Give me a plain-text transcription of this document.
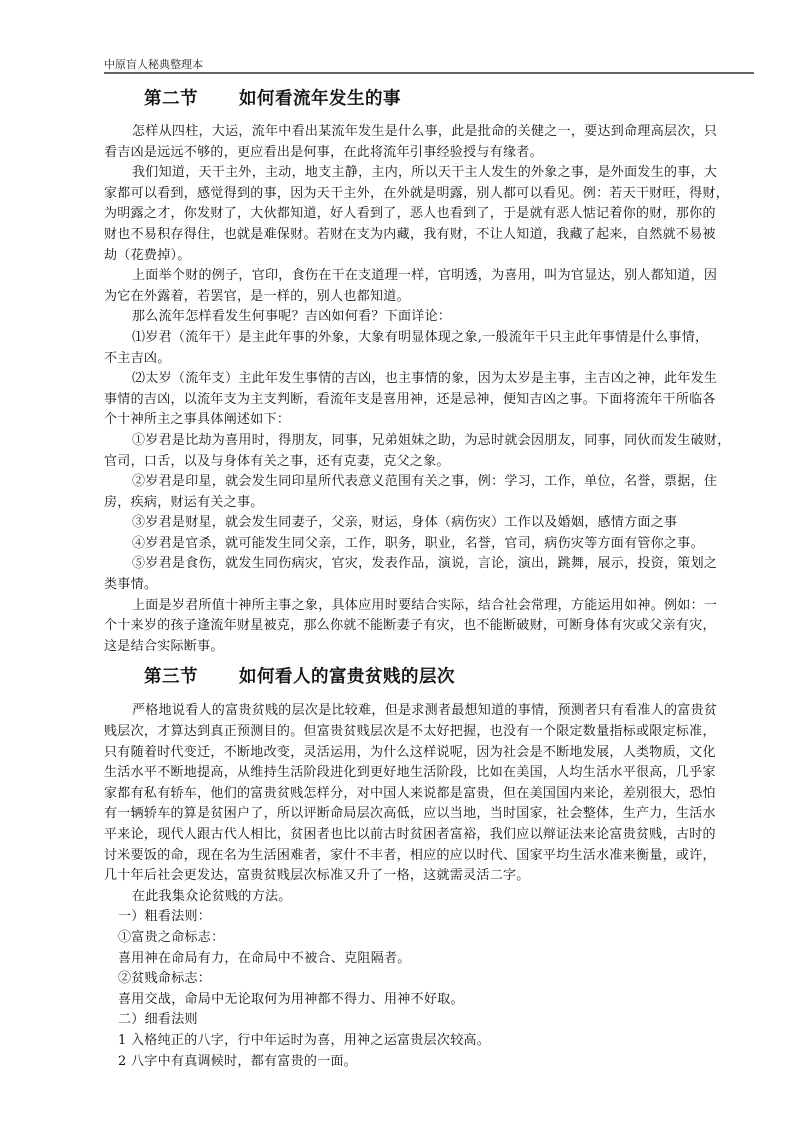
中原盲人秘典整理本
第二节 如何看流年发生的事
怎样从四柱，大运，流年中看出某流年发生是什么事，此是批命的关健之一，要达到命理高层次，只
看吉凶是远远不够的，更应看出是何事，在此将流年引事经验授与有缘者。
我们知道，天干主外，主动，地支主静，主内，所以天干主人发生的外象之事，是外面发生的事，大
家都可以看到，感觉得到的事，因为天干主外，在外就是明露，别人都可以看见。例：若天干财旺，得财，
为明露之才，你发财了，大伙都知道，好人看到了，恶人也看到了，于是就有恶人惦记着你的财，那你的
财也不易积存得住，也就是难保财。若财在支为内藏，我有财，不让人知道，我藏了起来，自然就不易被
劫（花费掉）。
上面举个财的例子，官印，食伤在干在支道理一样，官明透，为喜用，叫为官显达，别人都知道，因
为它在外露着，若罢官，是一样的，别人也都知道。
那么流年怎样看发生何事呢？吉凶如何看？下面详论：
⑴岁君（流年干）是主此年事的外象，大象有明显体现之象,一般流年干只主此年事情是什么事情，
不主吉凶。
⑵太岁（流年支）主此年发生事情的吉凶，也主事情的象，因为太岁是主事，主吉凶之神，此年发生
事情的吉凶，以流年支为主支判断，看流年支是喜用神，还是忌神，便知吉凶之事。下面将流年干所临各
个十神所主之事具体阐述如下：
①岁君是比劫为喜用时，得朋友，同事，兄弟姐妹之助，为忌时就会因朋友，同事，同伙而发生破财，
官司，口舌，以及与身体有关之事，还有克妻，克父之象。
②岁君是印星，就会发生同印星所代表意义范围有关之事，例：学习，工作，单位，名誉，票据，住
房，疾病，财运有关之事。
③岁君是财星，就会发生同妻子，父亲，财运，身体（病伤灾）工作以及婚姻，感情方面之事
④岁君是官杀，就可能发生同父亲，工作，职务，职业，名誉，官司，病伤灾等方面有管你之事。
⑤岁君是食伤，就发生同伤病灾，官灾，发表作品，演说，言论，演出，跳舞，展示，投资，策划之
类事情。
上面是岁君所值十神所主事之象，具体应用时要结合实际，结合社会常理，方能运用如神。例如：一
个十来岁的孩子逢流年财星被克，那么你就不能断妻子有灾，也不能断破财，可断身体有灾或父亲有灾，
这是结合实际断事。
第三节 如何看人的富贵贫贱的层次
严格地说看人的富贵贫贱的层次是比较难，但是求测者最想知道的事情，预测者只有看准人的富贵贫
贱层次，才算达到真正预测目的。但富贵贫贱层次是不太好把握，也没有一个限定数量指标或限定标准，
只有随着时代变迁，不断地改变，灵活运用，为什么这样说呢，因为社会是不断地发展，人类物质，文化
生活水平不断地提高，从维持生活阶段进化到更好地生活阶段，比如在美国，人均生活水平很高，几乎家
家都有私有轿车，他们的富贵贫贱怎样分，对中国人来说都是富贵，但在美国国内来论，差别很大，恐怕
有一辆轿车的算是贫困户了，所以评断命局层次高低，应以当地，当时国家，社会整体，生产力，生活水
平来论，现代人跟古代人相比，贫困者也比以前古时贫困者富裕，我们应以辩证法来论富贵贫贱，古时的
讨米要饭的命，现在名为生活困难者，家什不丰者，相应的应以时代、国家平均生活水准来衡量，或许，
几十年后社会更发达，富贵贫贱层次标准又升了一格，这就需灵活二字。
在此我集众论贫贱的方法。
一）粗看法则：
①富贵之命标志：
喜用神在命局有力，在命局中不被合、克阻隔者。
②贫贱命标志：
喜用交战，命局中无论取何为用神都不得力、用神不好取。
二）细看法则
1 入格纯正的八字，行中年运时为喜，用神之运富贵层次较高。
2 八字中有真调候时，都有富贵的一面。
